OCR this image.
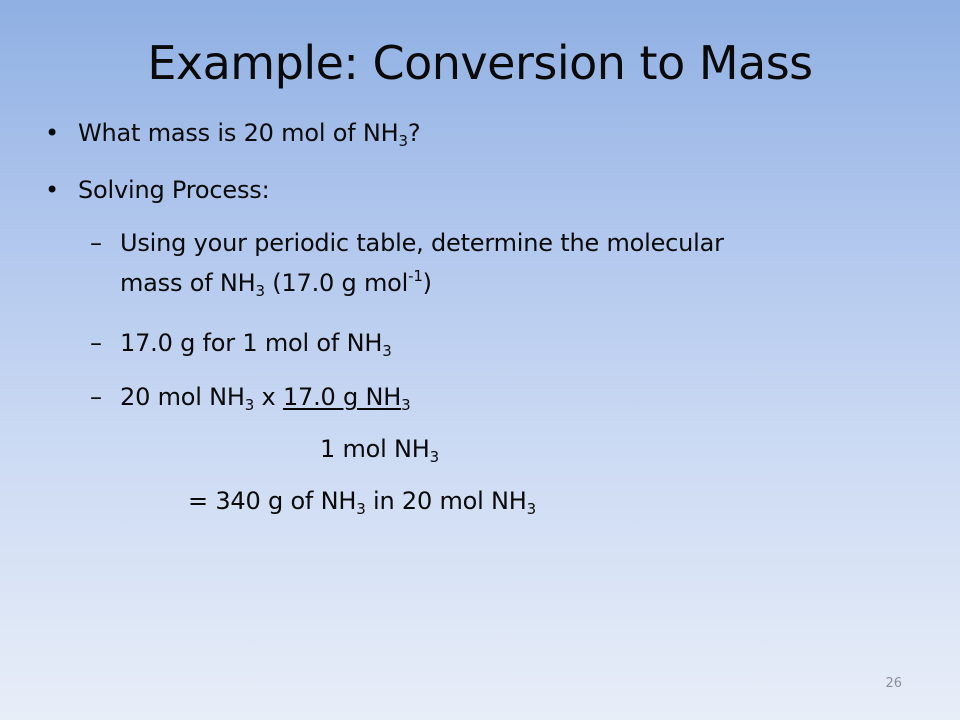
Example: Conversion to Mass
• What mass is 20 mol of $NH_3$?
• Solving Process:
– Using your periodic table, determine the molecular
mass of $NH_3$ (17.0 g mol$^{-1}$)
– 17.0 g for 1 mol of $NH_3$
– 20 mol $NH_3$ x 17.0 g $NH_3$
1 mol $NH_3$
= 340 g of $NH_3$ in 20 mol $NH_3$
26
